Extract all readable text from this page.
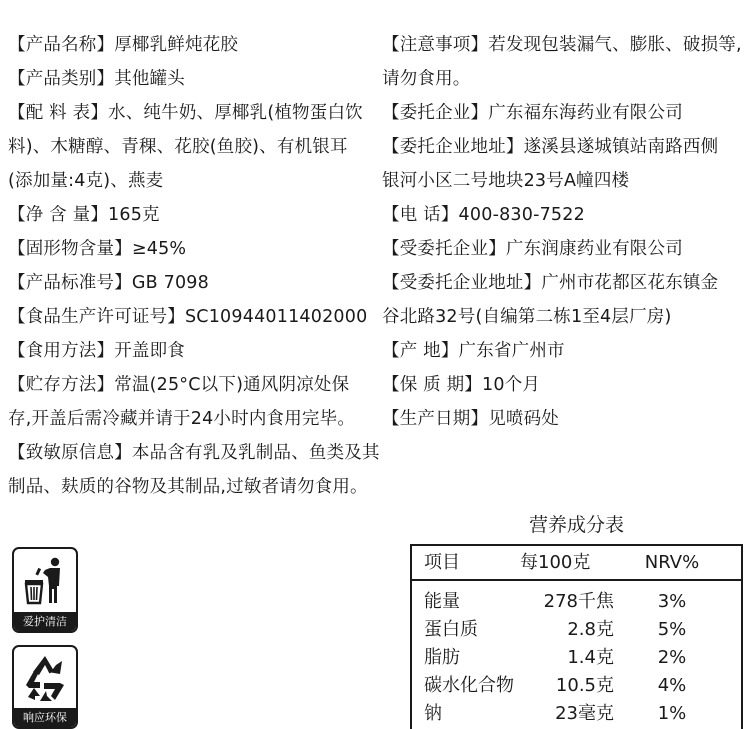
【产品名称】厚椰乳鲜炖花胶
【产品类别】其他罐头
【配 料 表】水、纯牛奶、厚椰乳(植物蛋白饮
料)、木糖醇、青稞、花胶(鱼胶)、有机银耳
(添加量:4克)、燕麦
【净 含 量】165克
【固形物含量】≥45%
【产品标准号】GB 7098
【食品生产许可证号】SC10944011402000
【食用方法】开盖即食
【贮存方法】常温(25°C以下)通风阴凉处保
存,开盖后需冷藏并请于24小时内食用完毕。
【致敏原信息】本品含有乳及乳制品、鱼类及其
制品、麸质的谷物及其制品,过敏者请勿食用。
【注意事项】若发现包装漏气、膨胀、破损等,
请勿食用。
【委托企业】广东福东海药业有限公司
【委托企业地址】遂溪县遂城镇站南路西侧
银河小区二号地块23号A幢四楼
【电 话】400-830-7522
【受委托企业】广东润康药业有限公司
【受委托企业地址】广州市花都区花东镇金
谷北路32号(自编第二栋1至4层厂房)
【产 地】广东省广州市
【保 质 期】10个月
【生产日期】见喷码处
营养成分表
项目	每100克	NRV%
能量	278千焦	3%
蛋白质	2.8克	5%
脂肪	1.4克	2%
碳水化合物	10.5克	4%
钠	23毫克	1%
爱护清洁
响应环保
